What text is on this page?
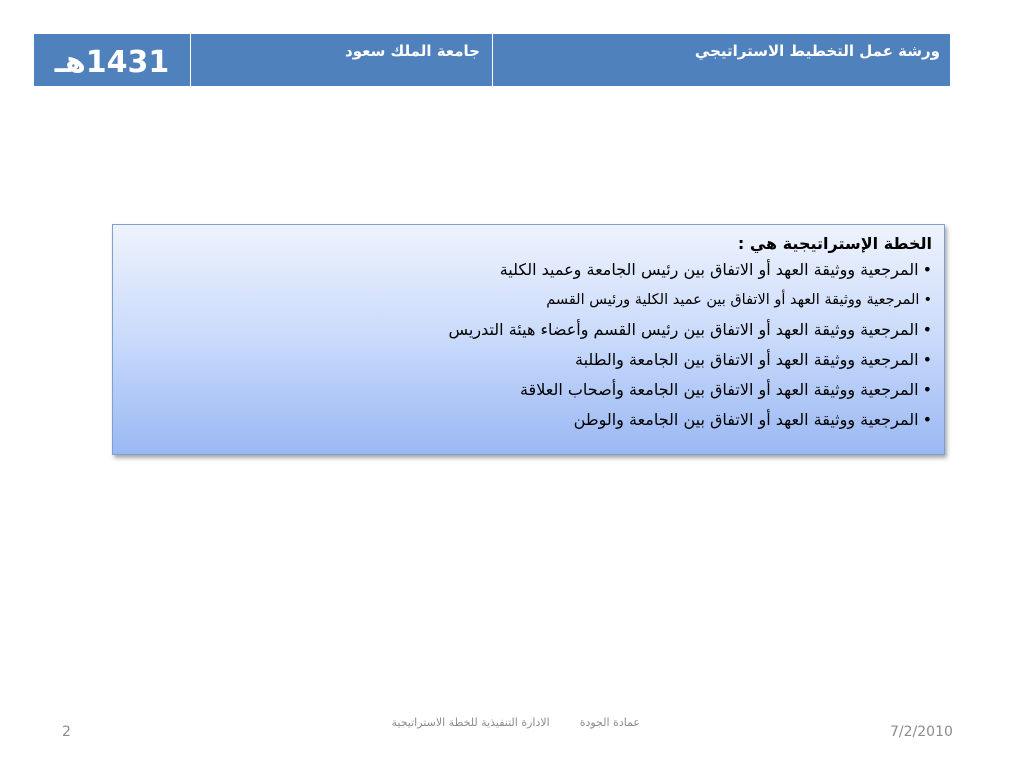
1431هـ	جامعة الملك سعود	ورشة عمل التخطيط الاستراتيجي

الخطة الإستراتيجية هي :

•المرجعية ووثيقة العهد أو الاتفاق بين رئيس الجامعة وعميد الكلية
•المرجعية ووثيقة العهد أو الاتفاق بين عميد الكلية ورئيس القسم
•المرجعية ووثيقة العهد أو الاتفاق بين رئيس القسم وأعضاء هيئة التدريس
•المرجعية ووثيقة العهد أو الاتفاق بين الجامعة والطلبة
•المرجعية ووثيقة العهد أو الاتفاق بين الجامعة وأصحاب العلاقة
•المرجعية ووثيقة العهد أو الاتفاق بين الجامعة والوطن
عمادة الجودةالادارة التنفيذية للخطة الاستراتيجية
7/2/2010
2
